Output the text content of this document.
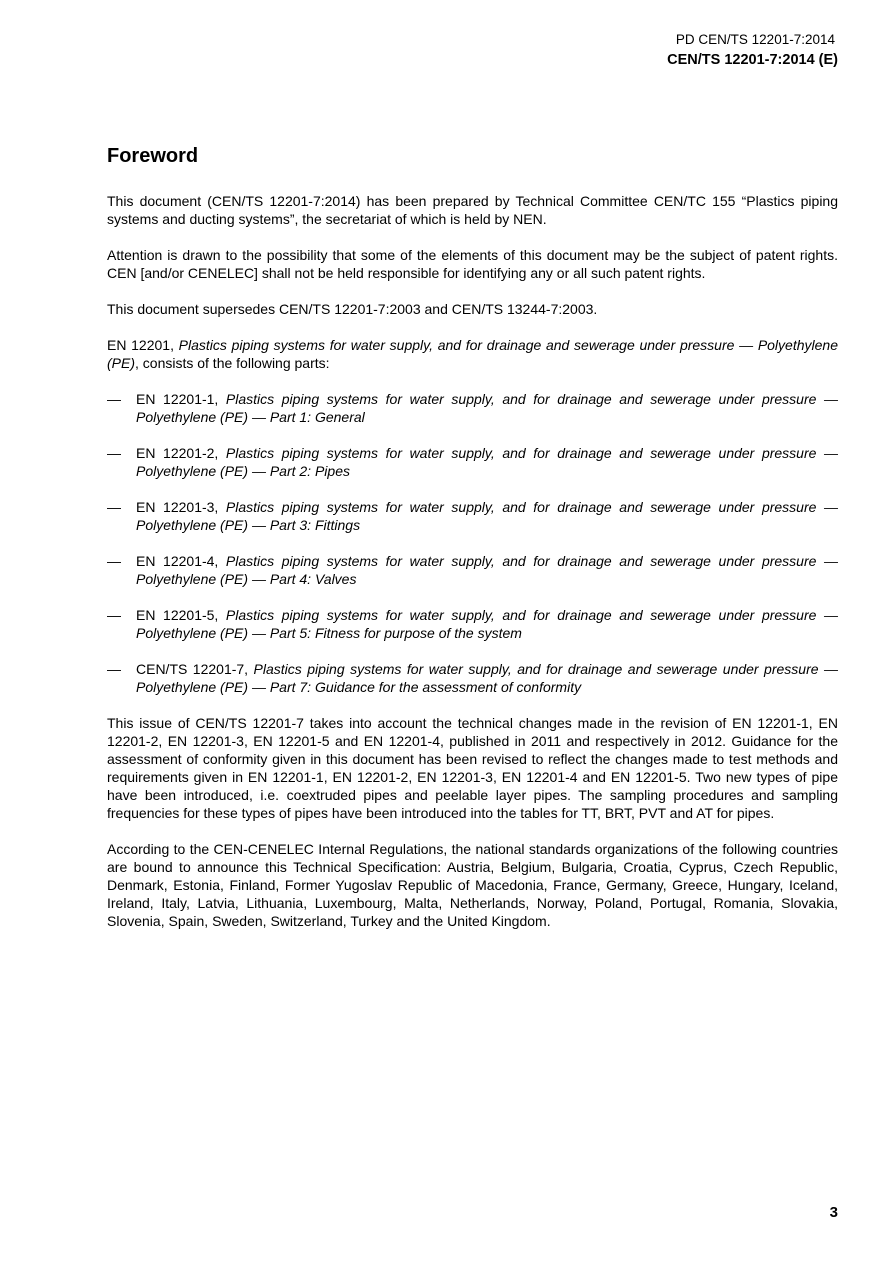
PD CEN/TS 12201-7:2014
CEN/TS 12201-7:2014 (E)
Foreword

This document (CEN/TS 12201-7:2014) has been prepared by Technical Committee CEN/TC 155 “Plastics piping systems and ducting systems”, the secretariat of which is held by NEN.

Attention is drawn to the possibility that some of the elements of this document may be the subject of patent rights. CEN [and/or CENELEC] shall not be held responsible for identifying any or all such patent rights.

This document supersedes CEN/TS 12201-7:2003 and CEN/TS 13244-7:2003.

EN 12201, Plastics piping systems for water supply, and for drainage and sewerage under pressure — Polyethylene (PE), consists of the following parts:

— EN 12201-1, Plastics piping systems for water supply, and for drainage and sewerage under pressure — Polyethylene (PE) — Part 1: General
— EN 12201-2, Plastics piping systems for water supply, and for drainage and sewerage under pressure — Polyethylene (PE) — Part 2: Pipes
— EN 12201-3, Plastics piping systems for water supply, and for drainage and sewerage under pressure — Polyethylene (PE) — Part 3: Fittings
— EN 12201-4, Plastics piping systems for water supply, and for drainage and sewerage under pressure — Polyethylene (PE) — Part 4: Valves
— EN 12201-5, Plastics piping systems for water supply, and for drainage and sewerage under pressure — Polyethylene (PE) — Part 5: Fitness for purpose of the system
— CEN/TS 12201-7, Plastics piping systems for water supply, and for drainage and sewerage under pressure — Polyethylene (PE) — Part 7: Guidance for the assessment of conformity

This issue of CEN/TS 12201-7 takes into account the technical changes made in the revision of EN 12201-1, EN 12201-2, EN 12201-3, EN 12201-5 and EN 12201-4, published in 2011 and respectively in 2012. Guidance for the assessment of conformity given in this document has been revised to reflect the changes made to test methods and requirements given in EN 12201-1, EN 12201-2, EN 12201-3, EN 12201-4 and EN 12201-5. Two new types of pipe have been introduced, i.e. coextruded pipes and peelable layer pipes. The sampling procedures and sampling frequencies for these types of pipes have been introduced into the tables for TT, BRT, PVT and AT for pipes.

According to the CEN-CENELEC Internal Regulations, the national standards organizations of the following countries are bound to announce this Technical Specification: Austria, Belgium, Bulgaria, Croatia, Cyprus, Czech Republic, Denmark, Estonia, Finland, Former Yugoslav Republic of Macedonia, France, Germany, Greece, Hungary, Iceland, Ireland, Italy, Latvia, Lithuania, Luxembourg, Malta, Netherlands, Norway, Poland, Portugal, Romania, Slovakia, Slovenia, Spain, Sweden, Switzerland, Turkey and the United Kingdom.

3
